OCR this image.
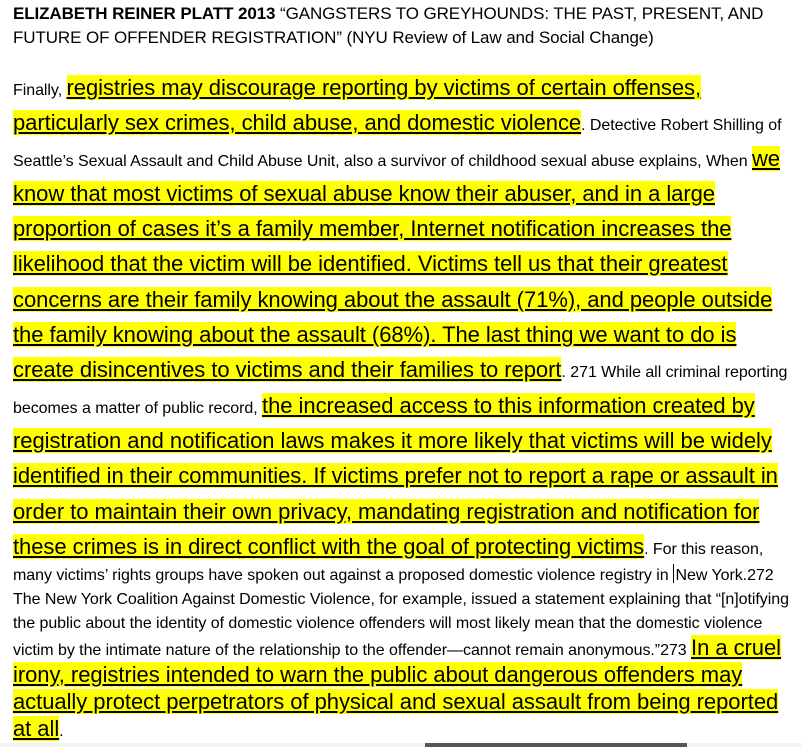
ELIZABETH REINER PLATT 2013 “GANGSTERS TO GREYHOUNDS: THE PAST, PRESENT, AND FUTURE OF OFFENDER REGISTRATION” (NYU Review of Law and Social Change)
Finally, registries may discourage reporting by victims of certain offenses, particularly sex crimes, child abuse, and domestic violence. Detective Robert Shilling of Seattle’s Sexual Assault and Child Abuse Unit, also a survivor of childhood sexual abuse explains, When we know that most victims of sexual abuse know their abuser, and in a large proportion of cases it’s a family member, Internet notification increases the likelihood that the victim will be identified. Victims tell us that their greatest concerns are their family knowing about the assault (71%), and people outside the family knowing about the assault (68%). The last thing we want to do is create disincentives to victims and their families to report. 271 While all criminal reporting becomes a matter of public record, the increased access to this information created by registration and notification laws makes it more likely that victims will be widely identified in their communities. If victims prefer not to report a rape or assault in order to maintain their own privacy, mandating registration and notification for these crimes is in direct conflict with the goal of protecting victims. For this reason,
many victims’ rights groups have spoken out against a proposed domestic violence registry in New York.272 The New York Coalition Against Domestic Violence, for example, issued a statement explaining that “[n]otifying the public about the identity of domestic violence offenders will most likely mean that the domestic violence victim by the intimate nature of the relationship to the offender—cannot remain anonymous.”273 In a cruel irony, registries intended to warn the public about dangerous offenders may actually protect perpetrators of physical and sexual assault from being reported at all.
